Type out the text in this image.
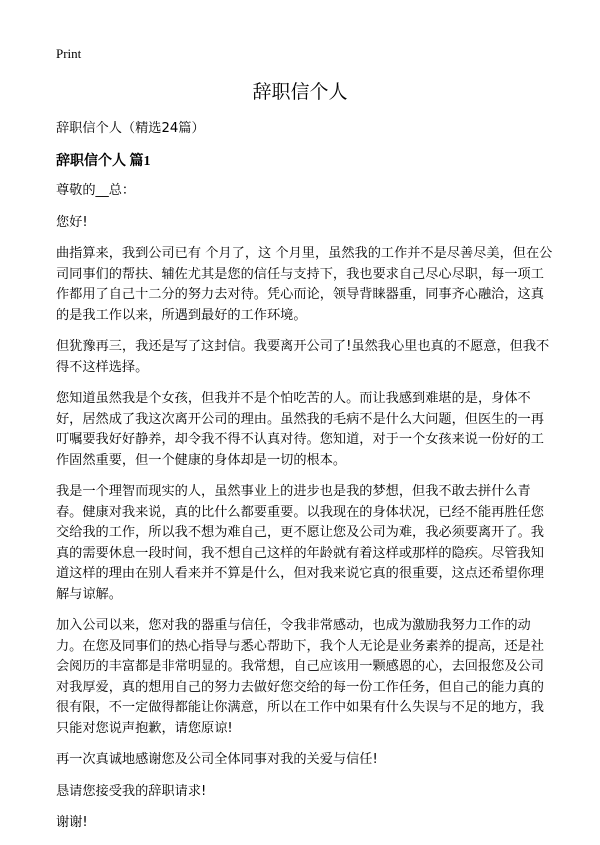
Print
辞职信个人

辞职信个人（精选24篇）

辞职信个人 篇1

尊敬的__总：

您好!

曲指算来，我到公司已有 个月了，这 个月里，虽然我的工作并不是尽善尽美，但在公司同事们的帮扶、辅佐尤其是您的信任与支持下，我也要求自己尽心尽职，每一项工作都用了自己十二分的努力去对待。凭心而论，领导背睐器重，同事齐心融洽，这真的是我工作以来，所遇到最好的工作环境。

但犹豫再三，我还是写了这封信。我要离开公司了!虽然我心里也真的不愿意，但我不得不这样选择。

您知道虽然我是个女孩，但我并不是个怕吃苦的人。而让我感到难堪的是，身体不好，居然成了我这次离开公司的理由。虽然我的毛病不是什么大问题，但医生的一再叮嘱要我好好静养，却令我不得不认真对待。您知道，对于一个女孩来说一份好的工作固然重要，但一个健康的身体却是一切的根本。

我是一个理智而现实的人，虽然事业上的进步也是我的梦想，但我不敢去拼什么青春。健康对我来说，真的比什么都要重要。以我现在的身体状况，已经不能再胜任您交给我的工作，所以我不想为难自己，更不愿让您及公司为难，我必须要离开了。我真的需要休息一段时间，我不想自己这样的年龄就有着这样或那样的隐疾。尽管我知道这样的理由在别人看来并不算是什么，但对我来说它真的很重要，这点还希望你理解与谅解。

加入公司以来，您对我的器重与信任，令我非常感动，也成为激励我努力工作的动力。在您及同事们的热心指导与悉心帮助下，我个人无论是业务素养的提高，还是社会阅历的丰富都是非常明显的。我常想，自己应该用一颗感恩的心，去回报您及公司对我厚爱，真的想用自己的努力去做好您交给的每一份工作任务，但自己的能力真的很有限，不一定做得都能让你满意，所以在工作中如果有什么失误与不足的地方，我只能对您说声抱歉，请您原谅!

再一次真诚地感谢您及公司全体同事对我的关爱与信任!

恳请您接受我的辞职请求!

谢谢!
